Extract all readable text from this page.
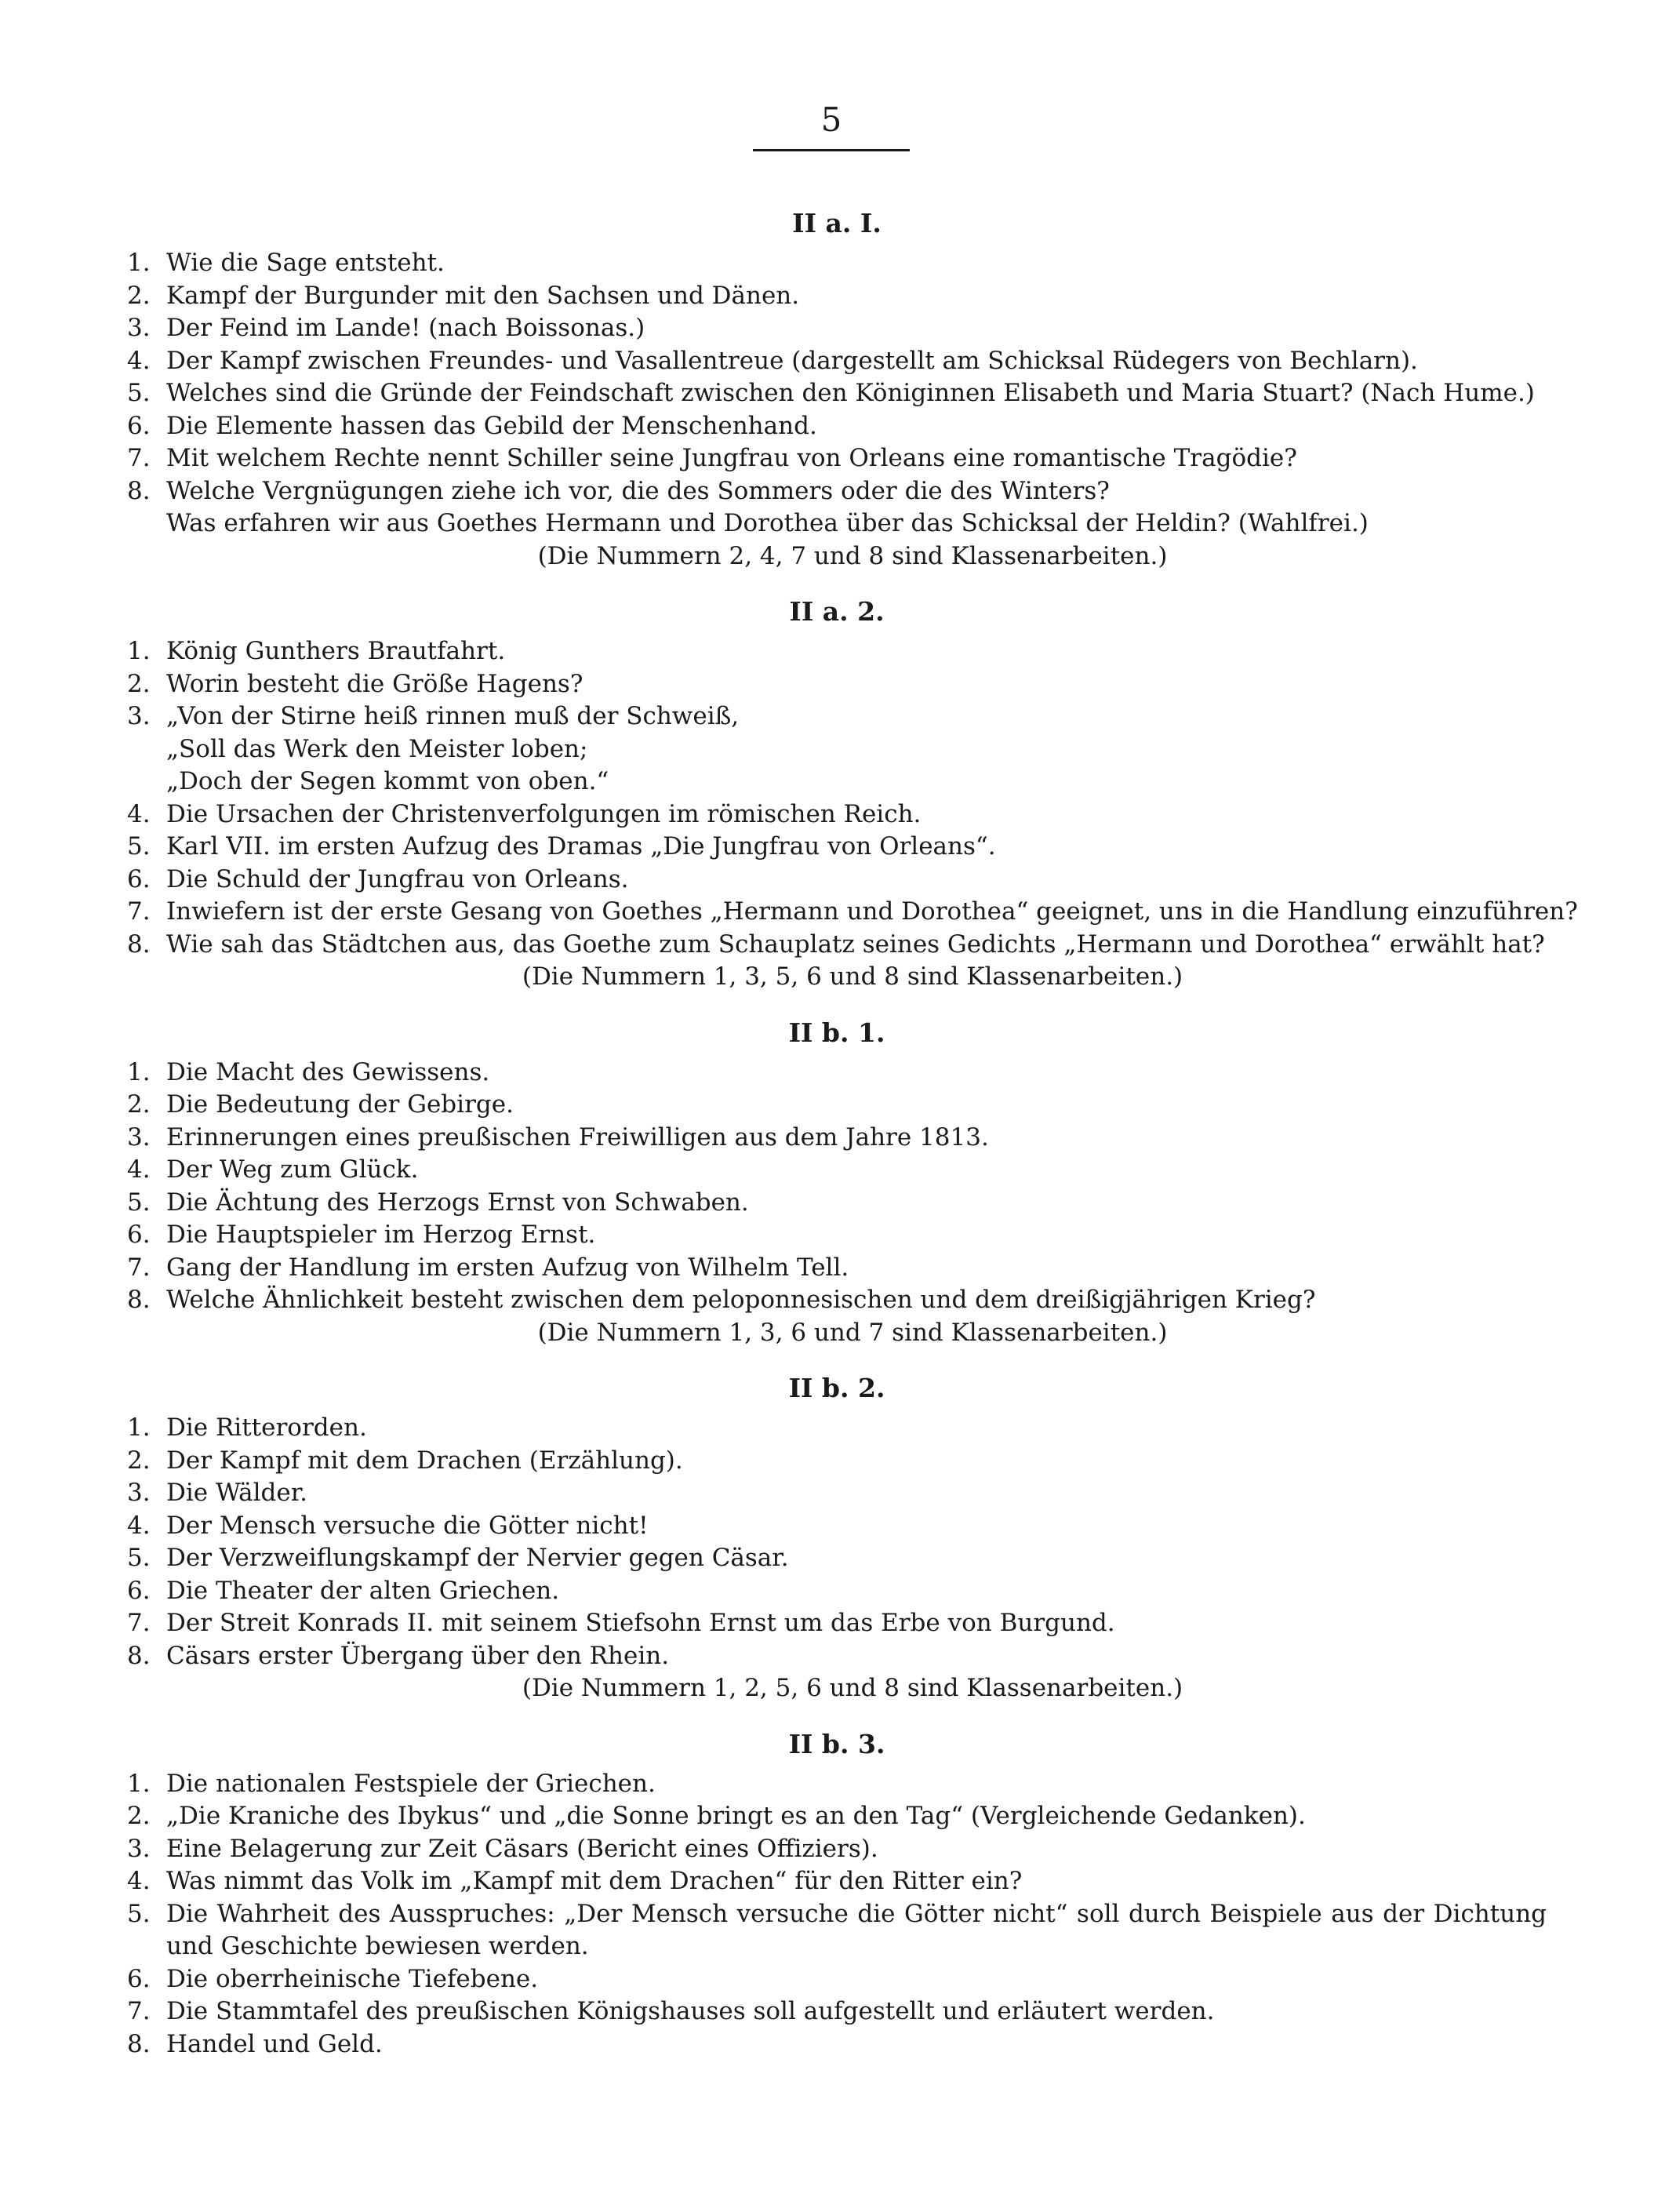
5
II a. I.
1. Wie die Sage entsteht.
2. Kampf der Burgunder mit den Sachsen und Dänen.
3. Der Feind im Lande! (nach Boissonas.)
4. Der Kampf zwischen Freundes- und Vasallentreue (dargestellt am Schicksal Rüdegers von Bechlarn).
5. Welches sind die Gründe der Feindschaft zwischen den Königinnen Elisabeth und Maria Stuart? (Nach Hume.)
6. Die Elemente hassen das Gebild der Menschenhand.
7. Mit welchem Rechte nennt Schiller seine Jungfrau von Orleans eine romantische Tragödie?
8. Welche Vergnügungen ziehe ich vor, die des Sommers oder die des Winters?
Was erfahren wir aus Goethes Hermann und Dorothea über das Schicksal der Heldin? (Wahlfrei.)
(Die Nummern 2, 4, 7 und 8 sind Klassenarbeiten.)
II a. 2.
1. König Gunthers Brautfahrt.
2. Worin besteht die Größe Hagens?
3. „Von der Stirne heiß rinnen muß der Schweiß,
„Soll das Werk den Meister loben;
„Doch der Segen kommt von oben.“
4. Die Ursachen der Christenverfolgungen im römischen Reich.
5. Karl VII. im ersten Aufzug des Dramas „Die Jungfrau von Orleans“.
6. Die Schuld der Jungfrau von Orleans.
7. Inwiefern ist der erste Gesang von Goethes „Hermann und Dorothea“ geeignet, uns in die Handlung einzuführen?
8. Wie sah das Städtchen aus, das Goethe zum Schauplatz seines Gedichts „Hermann und Dorothea“ erwählt hat?
(Die Nummern 1, 3, 5, 6 und 8 sind Klassenarbeiten.)
II b. 1.
1. Die Macht des Gewissens.
2. Die Bedeutung der Gebirge.
3. Erinnerungen eines preußischen Freiwilligen aus dem Jahre 1813.
4. Der Weg zum Glück.
5. Die Ächtung des Herzogs Ernst von Schwaben.
6. Die Hauptspieler im Herzog Ernst.
7. Gang der Handlung im ersten Aufzug von Wilhelm Tell.
8. Welche Ähnlichkeit besteht zwischen dem peloponnesischen und dem dreißigjährigen Krieg?
(Die Nummern 1, 3, 6 und 7 sind Klassenarbeiten.)
II b. 2.
1. Die Ritterorden.
2. Der Kampf mit dem Drachen (Erzählung).
3. Die Wälder.
4. Der Mensch versuche die Götter nicht!
5. Der Verzweiflungskampf der Nervier gegen Cäsar.
6. Die Theater der alten Griechen.
7. Der Streit Konrads II. mit seinem Stiefsohn Ernst um das Erbe von Burgund.
8. Cäsars erster Übergang über den Rhein.
(Die Nummern 1, 2, 5, 6 und 8 sind Klassenarbeiten.)
II b. 3.
1. Die nationalen Festspiele der Griechen.
2. „Die Kraniche des Ibykus“ und „die Sonne bringt es an den Tag“ (Vergleichende Gedanken).
3. Eine Belagerung zur Zeit Cäsars (Bericht eines Offiziers).
4. Was nimmt das Volk im „Kampf mit dem Drachen“ für den Ritter ein?
5. Die Wahrheit des Ausspruches: „Der Mensch versuche die Götter nicht“ soll durch Beispiele aus der Dichtung und Geschichte bewiesen werden.
6. Die oberrheinische Tiefebene.
7. Die Stammtafel des preußischen Königshauses soll aufgestellt und erläutert werden.
8. Handel und Geld.
